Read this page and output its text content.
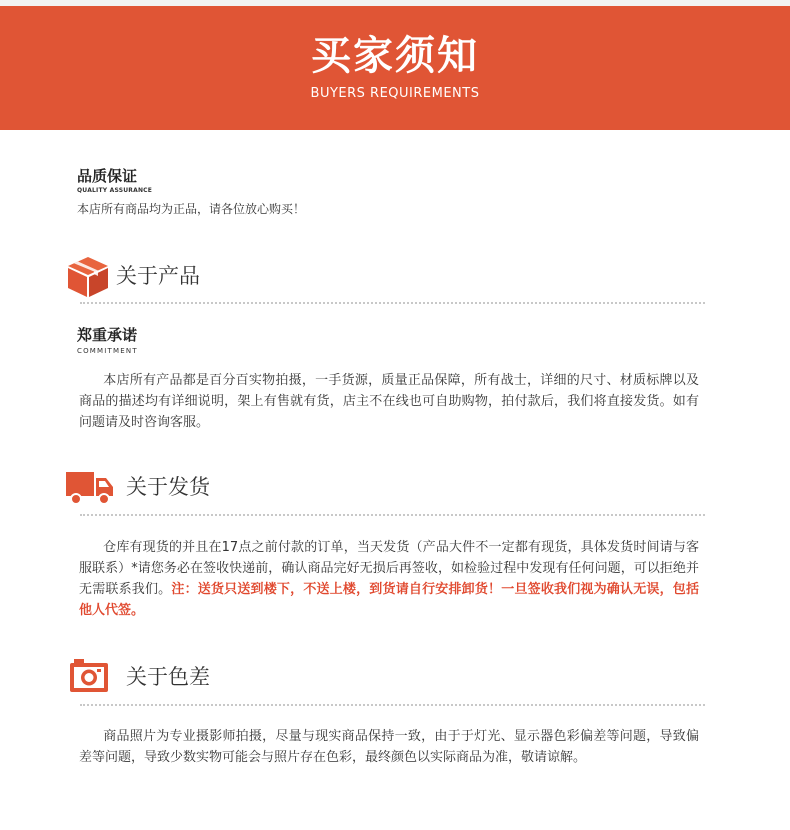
买家须知
BUYERS REQUIREMENTS
品质保证
QUALITY ASSURANCE
本店所有商品均为正品，请各位放心购买！
关于产品
郑重承诺
COMMITMENT
本店所有产品都是百分百实物拍摄，一手货源，质量正品保障，所有战士，详细的尺寸、材质标牌以及商品的描述均有详细说明，架上有售就有货，店主不在线也可自助购物，拍付款后，我们将直接发货。如有问题请及时咨询客服。
关于发货
仓库有现货的并且在17点之前付款的订单，当天发货（产品大件不一定都有现货，具体发货时间请与客服联系）*请您务必在签收快递前，确认商品完好无损后再签收，如检验过程中发现有任何问题，可以拒绝并无需联系我们。注：送货只送到楼下，不送上楼，到货请自行安排卸货！一旦签收我们视为确认无误，包括他人代签。
关于色差
商品照片为专业摄影师拍摄，尽量与现实商品保持一致，由于于灯光、显示器色彩偏差等问题，导致偏差等问题，导致少数实物可能会与照片存在色彩，最终颜色以实际商品为准，敬请谅解。
